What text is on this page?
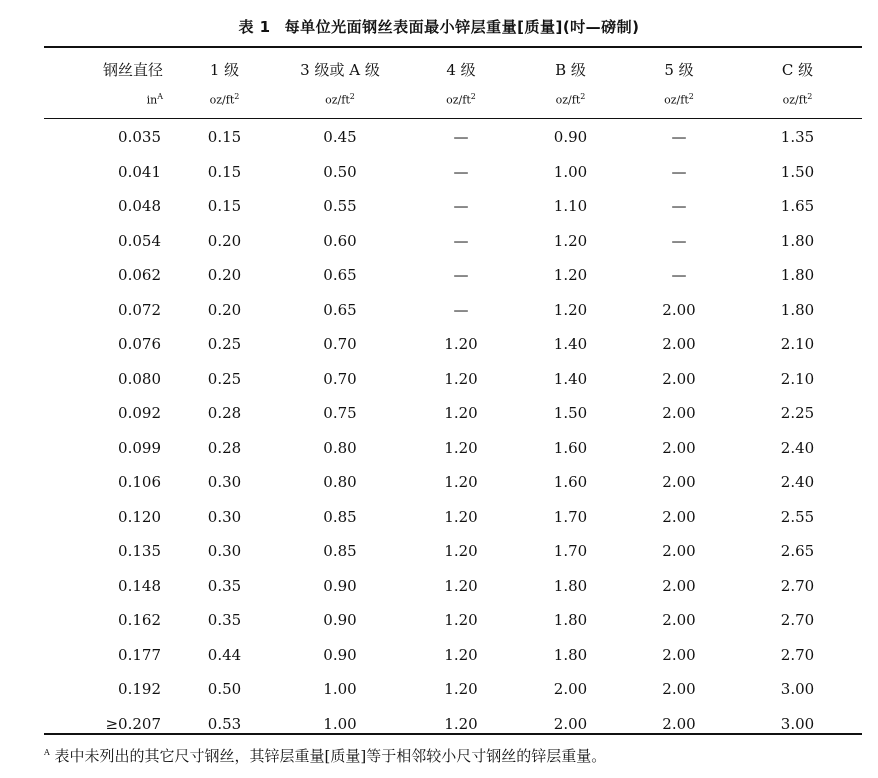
表 1 每单位光面钢丝表面最小锌层重量[质量](吋—磅制)
钢丝直径	1 级	3 级或 A 级	4 级	B 级	5 级	C 级
$in^A$	$oz/ft^2$	$oz/ft^2$	$oz/ft^2$	$oz/ft^2$	$oz/ft^2$	$oz/ft^2$
0.035	0.15	0.45	—	0.90	—	1.35
0.041	0.15	0.50	—	1.00	—	1.50
0.048	0.15	0.55	—	1.10	—	1.65
0.054	0.20	0.60	—	1.20	—	1.80
0.062	0.20	0.65	—	1.20	—	1.80
0.072	0.20	0.65	—	1.20	2.00	1.80
0.076	0.25	0.70	1.20	1.40	2.00	2.10
0.080	0.25	0.70	1.20	1.40	2.00	2.10
0.092	0.28	0.75	1.20	1.50	2.00	2.25
0.099	0.28	0.80	1.20	1.60	2.00	2.40
0.106	0.30	0.80	1.20	1.60	2.00	2.40
0.120	0.30	0.85	1.20	1.70	2.00	2.55
0.135	0.30	0.85	1.20	1.70	2.00	2.65
0.148	0.35	0.90	1.20	1.80	2.00	2.70
0.162	0.35	0.90	1.20	1.80	2.00	2.70
0.177	0.44	0.90	1.20	1.80	2.00	2.70
0.192	0.50	1.00	1.20	2.00	2.00	3.00
≥0.207	0.53	1.00	1.20	2.00	2.00	3.00
$^A$ 表中未列出的其它尺寸钢丝，其锌层重量[质量]等于相邻较小尺寸钢丝的锌层重量。
